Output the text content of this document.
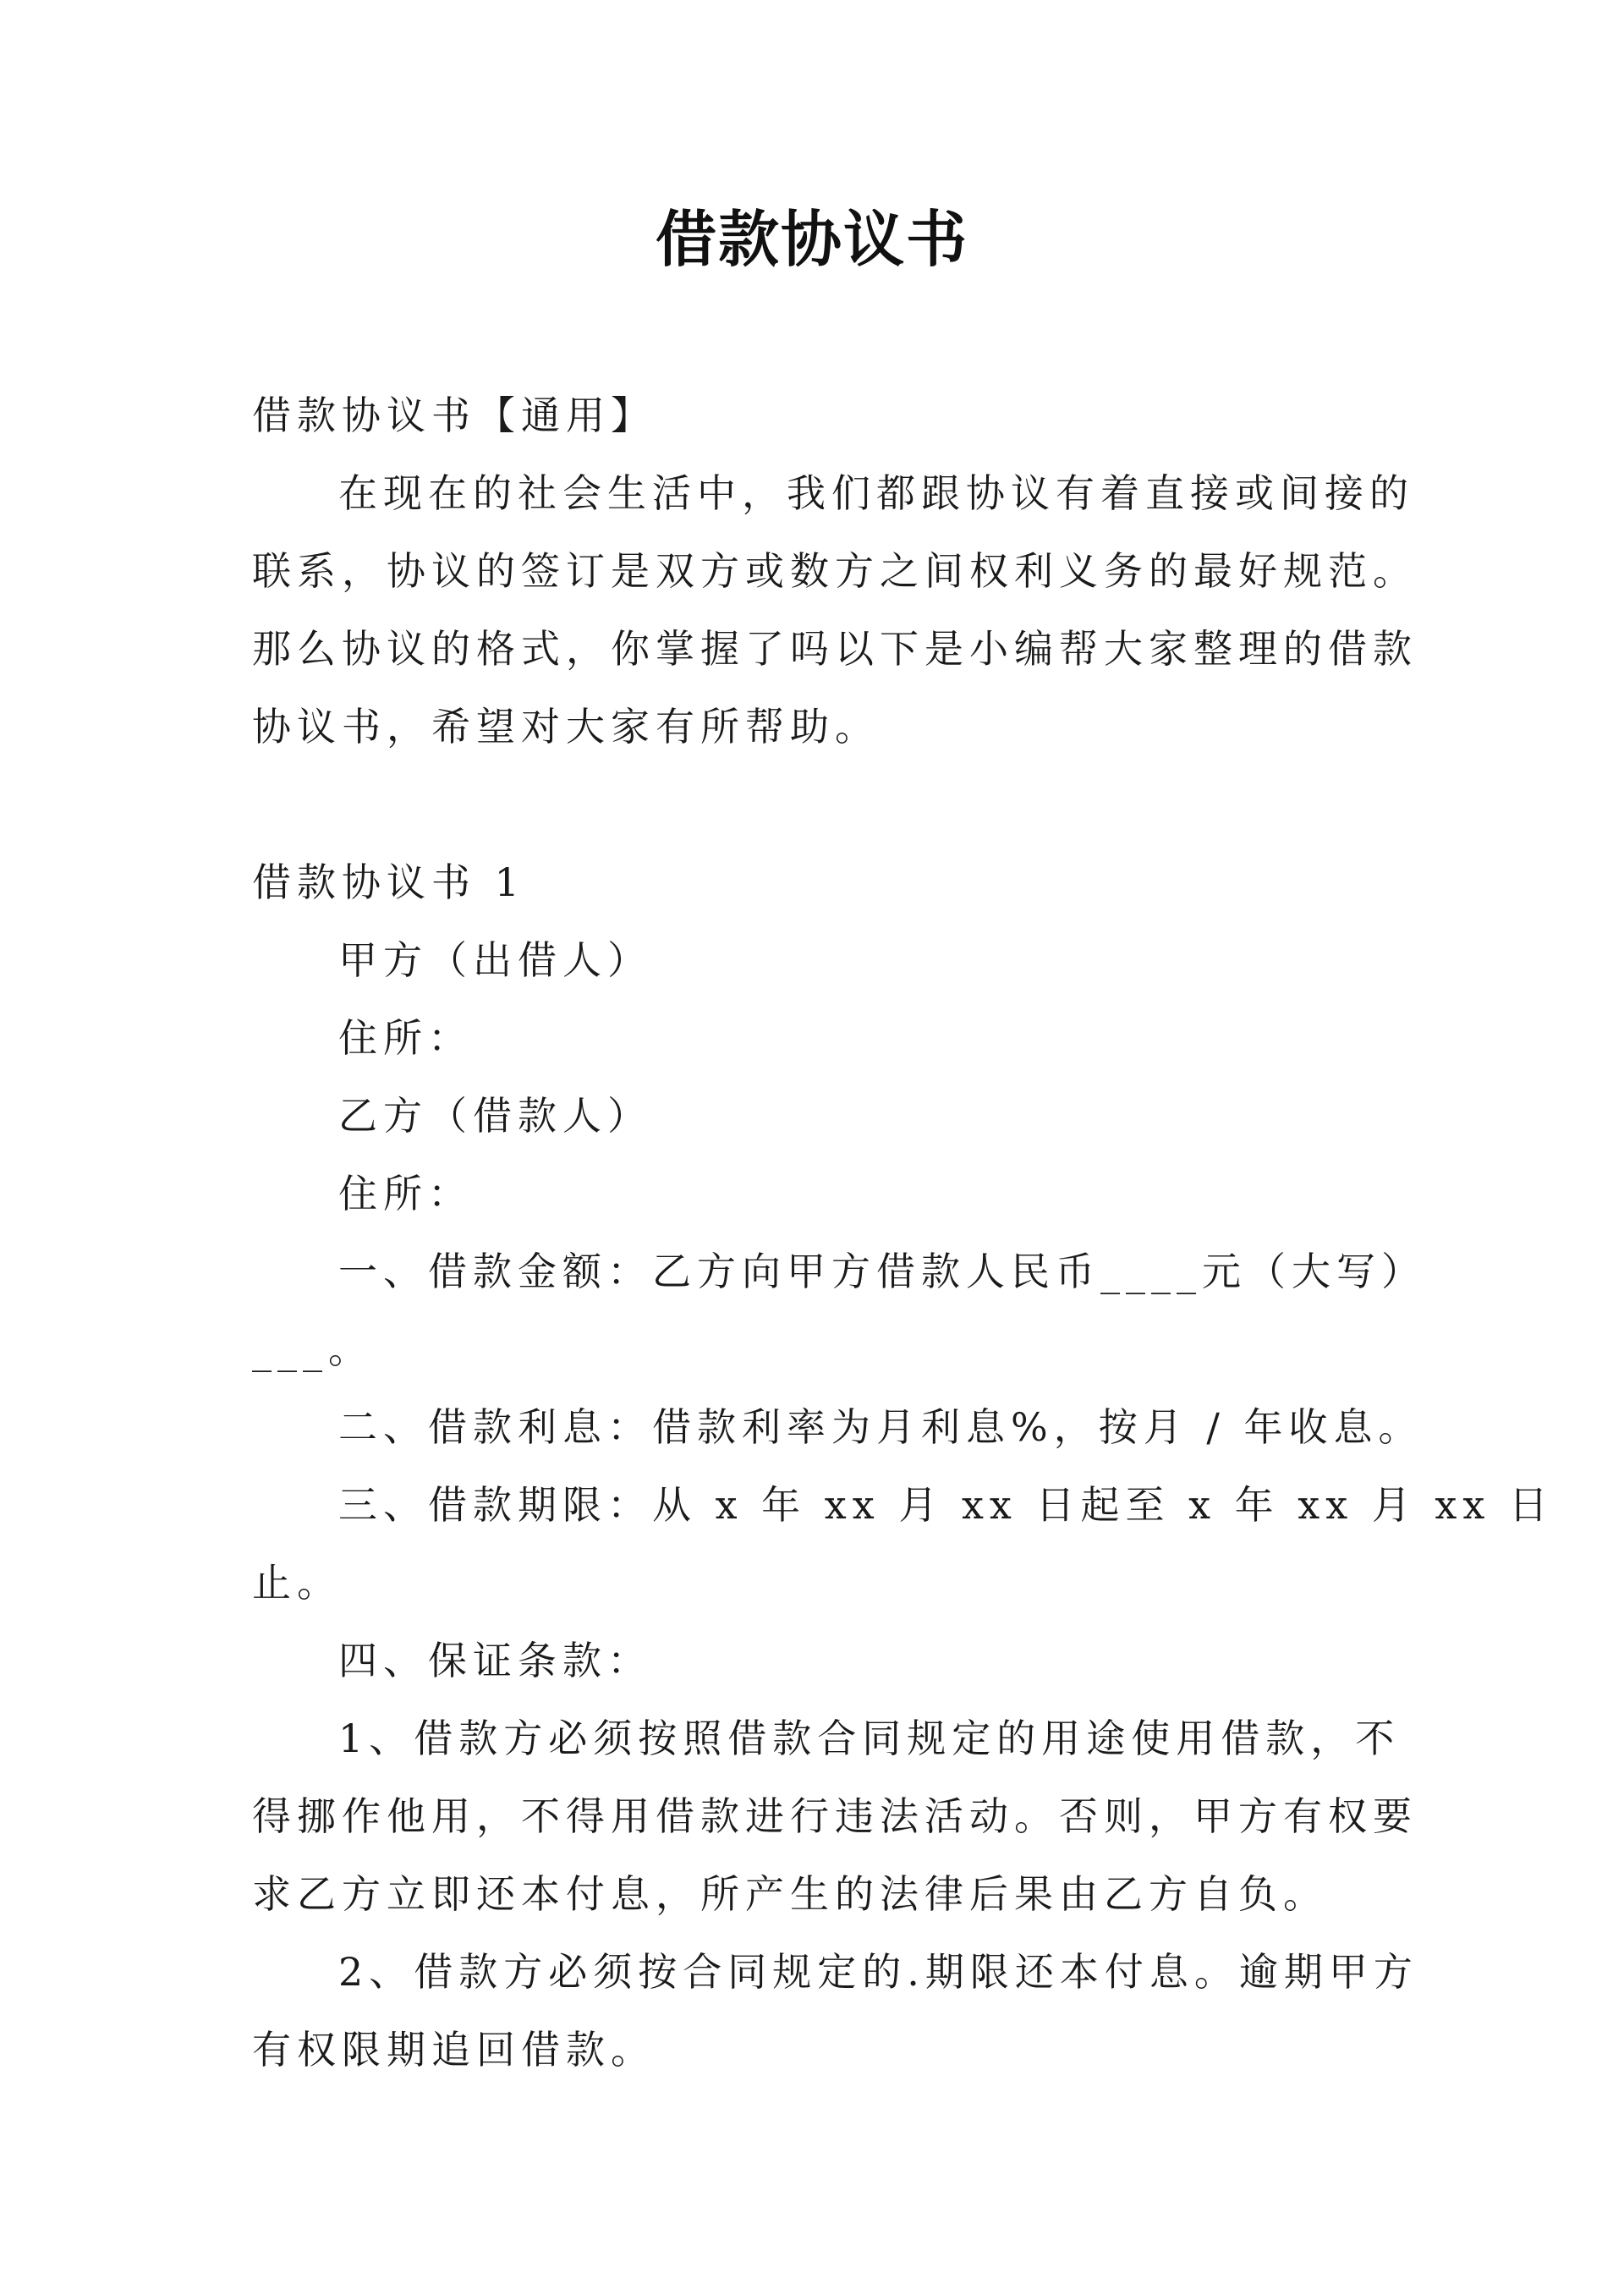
借款协议书
借款协议书【通用】
在现在的社会生活中，我们都跟协议有着直接或间接的
联系，协议的签订是双方或数方之间权利义务的最好规范。
那么协议的格式，你掌握了吗以下是小编帮大家整理的借款
协议书，希望对大家有所帮助。
借款协议书 1
甲方（出借人）
住所：
乙方（借款人）
住所：
一、借款金额：乙方向甲方借款人民币____元（大写）
___。
二、借款利息：借款利率为月利息%，按月 / 年收息。
三、借款期限：从 x 年 xx 月 xx 日起至 x 年 xx 月 xx 日
止。
四、保证条款：
1、借款方必须按照借款合同规定的用途使用借款，不
得挪作他用，不得用借款进行违法活动。否则，甲方有权要
求乙方立即还本付息，所产生的法律后果由乙方自负。
2、借款方必须按合同规定的.期限还本付息。逾期甲方
有权限期追回借款。
